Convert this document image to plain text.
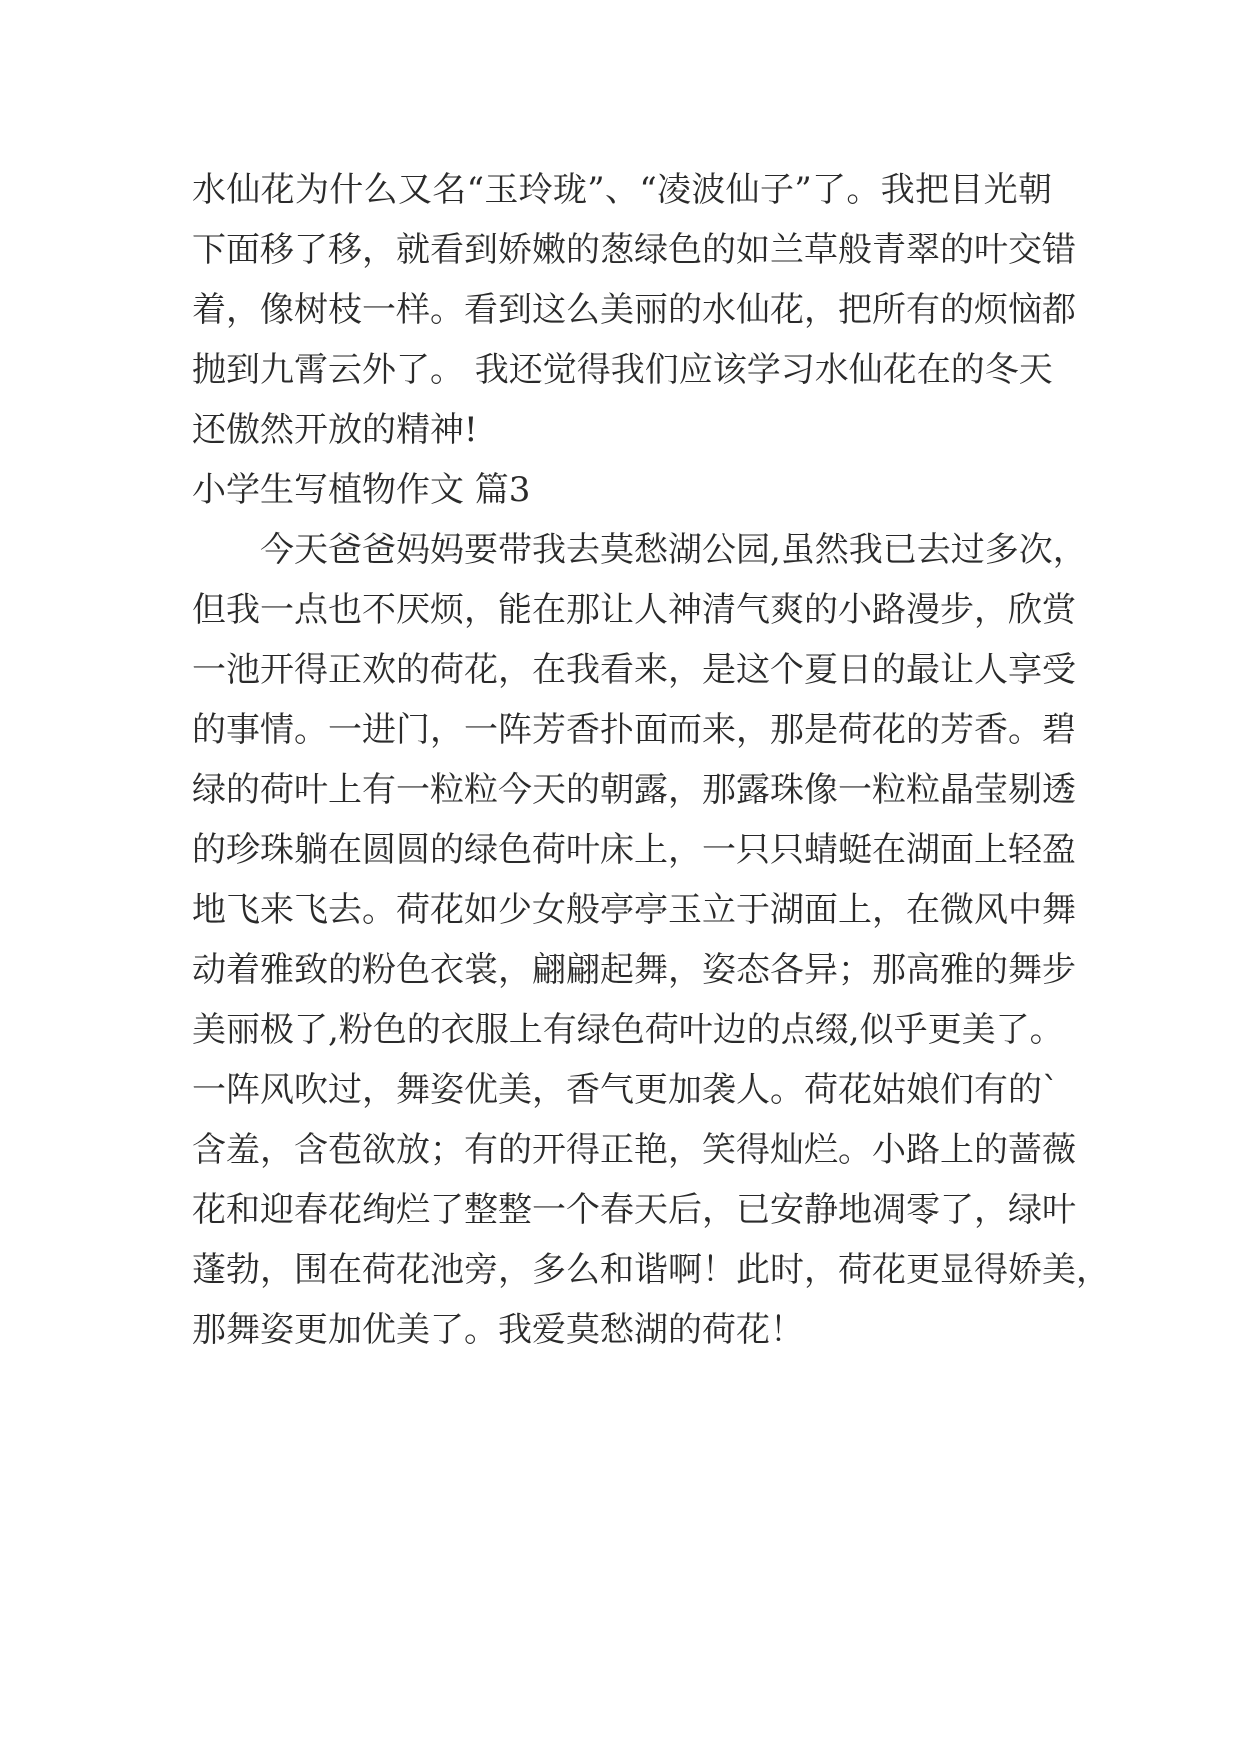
水仙花为什么又名“玉玲珑”、“凌波仙子”了。我把目光朝
下面移了移，就看到娇嫩的葱绿色的如兰草般青翠的叶交错
着，像树枝一样。看到这么美丽的水仙花，把所有的烦恼都
抛到九霄云外了。 我还觉得我们应该学习水仙花在的冬天
还傲然开放的精神!
小学生写植物作文 篇3
　　今天爸爸妈妈要带我去莫愁湖公园,虽然我已去过多次，
但我一点也不厌烦，能在那让人神清气爽的小路漫步，欣赏
一池开得正欢的荷花，在我看来，是这个夏日的最让人享受
的事情。一进门，一阵芳香扑面而来，那是荷花的芳香。碧
绿的荷叶上有一粒粒今天的朝露，那露珠像一粒粒晶莹剔透
的珍珠躺在圆圆的绿色荷叶床上，一只只蜻蜓在湖面上轻盈
地飞来飞去。荷花如少女般亭亭玉立于湖面上，在微风中舞
动着雅致的粉色衣裳，翩翩起舞，姿态各异；那高雅的舞步
美丽极了,粉色的衣服上有绿色荷叶边的点缀,似乎更美了。
一阵风吹过，舞姿优美，香气更加袭人。荷花姑娘们有的`
含羞，含苞欲放；有的开得正艳，笑得灿烂。小路上的蔷薇
花和迎春花绚烂了整整一个春天后，已安静地凋零了，绿叶
蓬勃，围在荷花池旁，多么和谐啊！此时，荷花更显得娇美，
那舞姿更加优美了。我爱莫愁湖的荷花！
